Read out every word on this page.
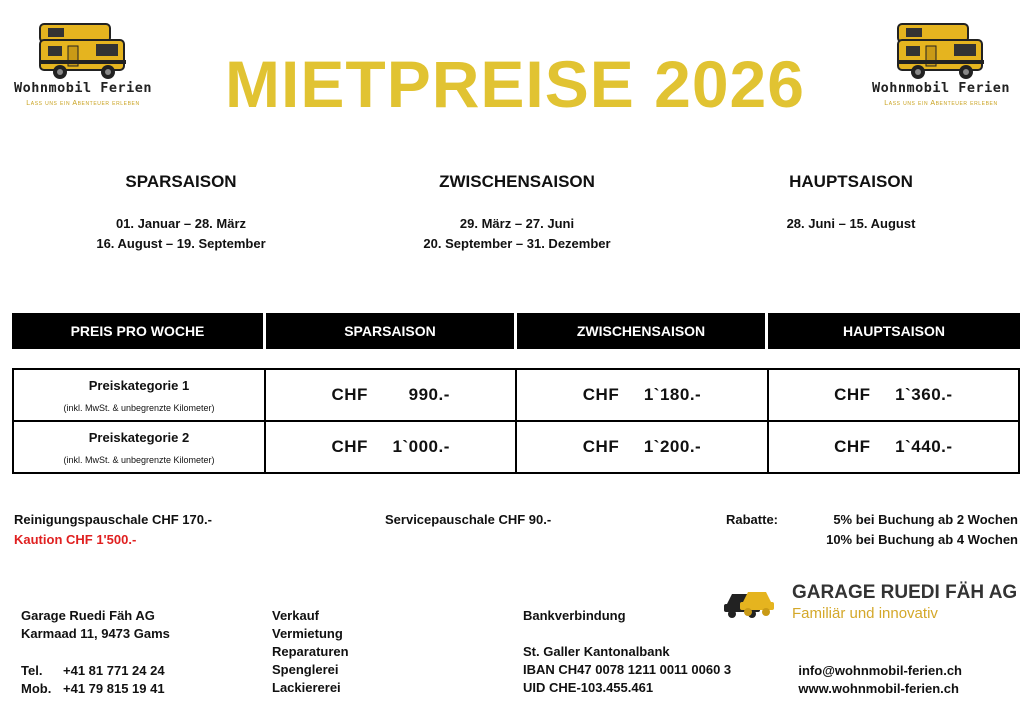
Wohnmobil Ferien
Lass uns ein Abenteuer erleben
Wohnmobil Ferien
Lass uns ein Abenteuer erleben
MIETPREISE 2026
SPARSAISON
01. Januar – 28. März
16. August – 19. September
ZWISCHENSAISON
29. März – 27. Juni
20. September – 31. Dezember
HAUPTSAISON
28. Juni – 15. August
PREIS PRO WOCHE	SPARSAISON	ZWISCHENSAISON	HAUPTSAISON
Preiskategorie 1
(inkl. MwSt. & unbegrenzte Kilometer)	CHF 990.-	CHF 1`180.-	CHF 1`360.-

Preiskategorie 2
(inkl. MwSt. & unbegrenzte Kilometer)	CHF 1`000.-	CHF 1`200.-	CHF 1`440.-
Reinigungspauschale CHF 170.-
Kaution CHF 1'500.-
Servicepauschale CHF 90.-	Rabatte:	5% bei Buchung ab 2 Wochen
10% bei Buchung ab 4 Wochen
GARAGE RUEDI FÄH AG
Familiär und innovativ
Garage Ruedi Fäh AG
Karmaad 11, 9473 Gams
Tel. +41 81 771 24 24
Mob. +41 79 815 19 41
Verkauf
Vermietung
Reparaturen
Spenglerei
Lackiererei
Bankverbindung
St. Galler Kantonalbank
IBAN CH47 0078 1211 0011 0060 3
UID CHE-103.455.461
info@wohnmobil-ferien.ch
www.wohnmobil-ferien.ch
